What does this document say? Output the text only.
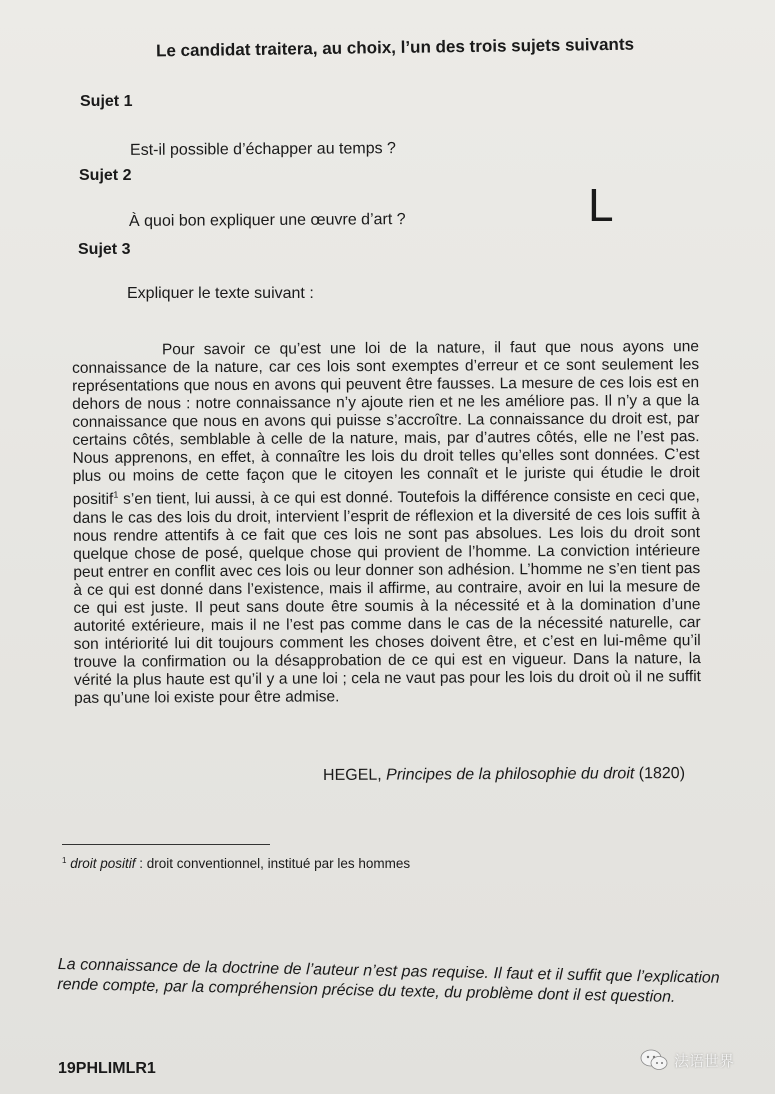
Le candidat traitera, au choix, l’un des trois sujets suivants
Sujet 1
Est-il possible d’échapper au temps ?
Sujet 2
À quoi bon expliquer une œuvre d’art ?	L
Sujet 3
Expliquer le texte suivant :
Pour savoir ce qu’est une loi de la nature, il faut que nous ayons une connaissance de la nature, car ces lois sont exemptes d’erreur et ce sont seulement les représentations que nous en avons qui peuvent être fausses. La mesure de ces lois est en dehors de nous : notre connaissance n’y ajoute rien et ne les améliore pas. Il n’y a que la connaissance que nous en avons qui puisse s’accroître. La connaissance du droit est, par certains côtés, semblable à celle de la nature, mais, par d’autres côtés, elle ne l’est pas. Nous apprenons, en effet, à connaître les lois du droit telles qu’elles sont données. C’est plus ou moins de cette façon que le citoyen les connaît et le juriste qui étudie le droit positif$^1$ s’en tient, lui aussi, à ce qui est donné. Toutefois la différence consiste en ceci que, dans le cas des lois du droit, intervient l’esprit de réflexion et la diversité de ces lois suffit à nous rendre attentifs à ce fait que ces lois ne sont pas absolues. Les lois du droit sont quelque chose de posé, quelque chose qui provient de l’homme. La conviction intérieure peut entrer en conflit avec ces lois ou leur donner son adhésion. L’homme ne s’en tient pas à ce qui est donné dans l’existence, mais il affirme, au contraire, avoir en lui la mesure de ce qui est juste. Il peut sans doute être soumis à la nécessité et à la domination d’une autorité extérieure, mais il ne l’est pas comme dans le cas de la nécessité naturelle, car son intériorité lui dit toujours comment les choses doivent être, et c’est en lui-même qu’il trouve la confirmation ou la désapprobation de ce qui est en vigueur. Dans la nature, la vérité la plus haute est qu’il y a une loi ; cela ne vaut pas pour les lois du droit où il ne suffit pas qu’une loi existe pour être admise.
HEGEL, Principes de la philosophie du droit (1820)
$^1$ droit positif : droit conventionnel, institué par les hommes
La connaissance de la doctrine de l’auteur n’est pas requise. Il faut et il suffit que l’explication rende compte, par la compréhension précise du texte, du problème dont il est question.
19PHLIMLR1	法语世界
